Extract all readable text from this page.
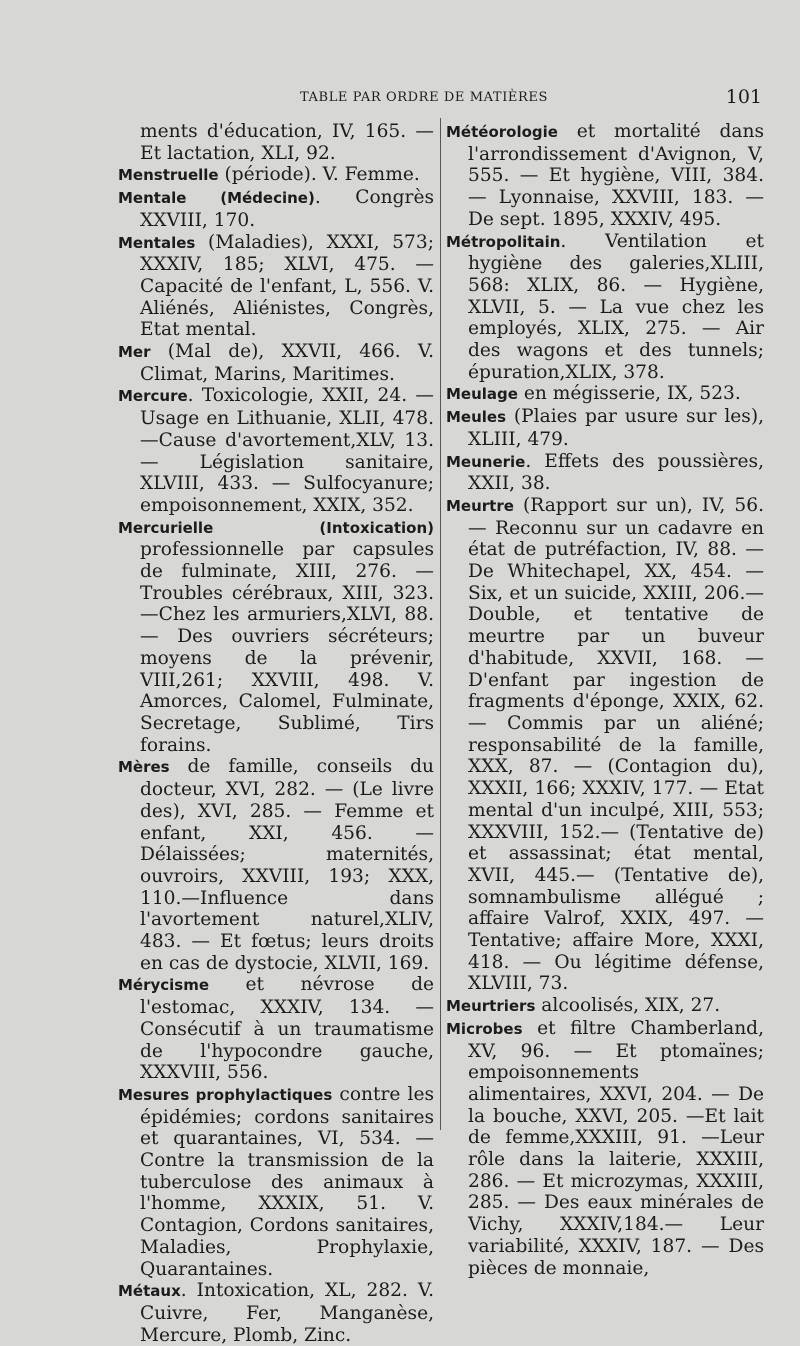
TABLE PAR ORDRE DE MATIÈRES	101

ments d'éducation, IV, 165. — Et lactation, XLI, 92.

Menstruelle (période). V. Femme.

Mentale (Médecine). Congrès XXVIII, 170.

Mentales (Maladies), XXXI, 573; XXXIV, 185; XLVI, 475. — Capacité de l'enfant, L, 556. V. Aliénés, Aliénistes, Congrès, Etat mental.

Mer (Mal de), XXVII, 466. V. Climat, Marins, Maritimes.

Mercure. Toxicologie, XXII, 24. — Usage en Lithuanie, XLII, 478.—Cause d'avortement,XLV, 13. — Législation sanitaire, XLVIII, 433. — Sulfocyanure; empoisonnement, XXIX, 352.

Mercurielle (Intoxication) professionnelle par capsules de fulminate, XIII, 276. — Troubles cérébraux, XIII, 323.—Chez les armuriers,XLVI, 88.— Des ouvriers sécréteurs; moyens de la prévenir, VIII,261; XXVIII, 498. V. Amorces, Calomel, Fulminate, Secretage, Sublimé, Tirs forains.

Mères de famille, conseils du docteur, XVI, 282. — (Le livre des), XVI, 285. — Femme et enfant, XXI, 456. — Délaissées; maternités, ouvroirs, XXVIII, 193; XXX, 110.—Influence dans l'avortement naturel,XLIV, 483. — Et fœtus; leurs droits en cas de dystocie, XLVII, 169.

Mérycisme et névrose de l'estomac, XXXIV, 134. — Consécutif à un traumatisme de l'hypocondre gauche, XXXVIII, 556.

Mesures prophylactiques contre les épidémies; cordons sanitaires et quarantaines, VI, 534. — Contre la transmission de la tuberculose des animaux à l'homme, XXXIX, 51. V. Contagion, Cordons sanitaires, Maladies, Prophylaxie, Quarantaines.

Métaux. Intoxication, XL, 282. V. Cuivre, Fer, Manganèse, Mercure, Plomb, Zinc.

Météorologie et mortalité dans l'arrondissement d'Avignon, V, 555. — Et hygiène, VIII, 384. — Lyonnaise, XXVIII, 183. — De sept. 1895, XXXIV, 495.

Métropolitain. Ventilation et hygiène des galeries,XLIII, 568: XLIX, 86. — Hygiène, XLVII, 5. — La vue chez les employés, XLIX, 275. — Air des wagons et des tunnels; épuration,XLIX, 378.

Meulage en mégisserie, IX, 523.

Meules (Plaies par usure sur les), XLIII, 479.

Meunerie. Effets des poussières, XXII, 38.

Meurtre (Rapport sur un), IV, 56. — Reconnu sur un cadavre en état de putréfaction, IV, 88. — De Whitechapel, XX, 454. — Six, et un suicide, XXIII, 206.— Double, et tentative de meurtre par un buveur d'habitude, XXVII, 168. — D'enfant par ingestion de fragments d'éponge, XXIX, 62.— Commis par un aliéné; responsabilité de la famille, XXX, 87. — (Contagion du), XXXII, 166; XXXIV, 177. — Etat mental d'un inculpé, XIII, 553; XXXVIII, 152.— (Tentative de) et assassinat; état mental, XVII, 445.— (Tentative de), somnambulisme allégué ; affaire Valrof, XXIX, 497. — Tentative; affaire More, XXXI, 418. — Ou légitime défense, XLVIII, 73.

Meurtriers alcoolisés, XIX, 27.

Microbes et filtre Chamberland, XV, 96. — Et ptomaïnes; empoisonnements alimentaires, XXVI, 204. — De la bouche, XXVI, 205. —Et lait de femme,XXXIII, 91. —Leur rôle dans la laiterie, XXXIII, 286. — Et microzymas, XXXIII, 285. — Des eaux minérales de Vichy, XXXIV,184.— Leur variabilité, XXXIV, 187. — Des pièces de monnaie,
